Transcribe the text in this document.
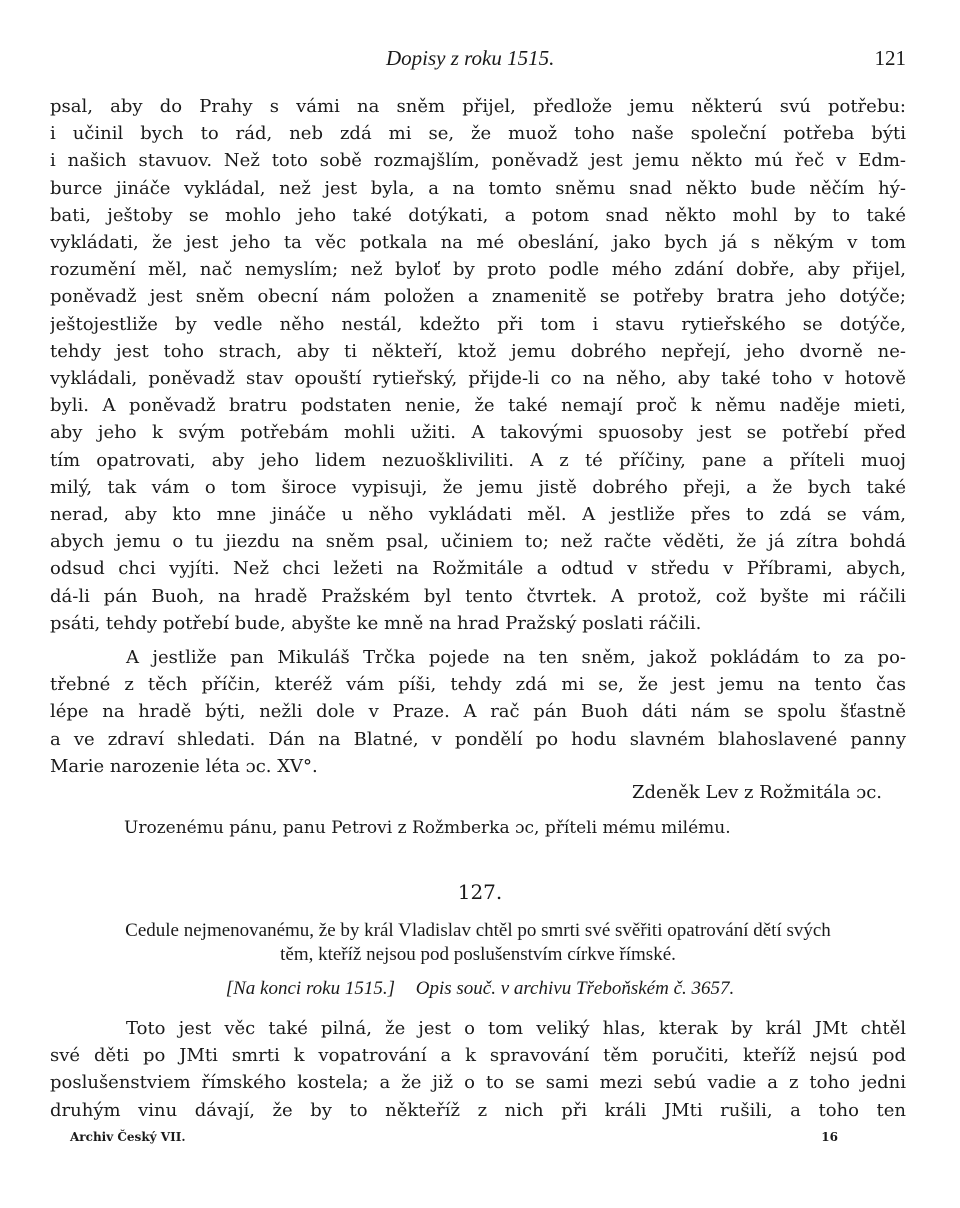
Dopisy z roku 1515.	121
psal, aby do Prahy s vámi na sněm přijel, předlože jemu některú svú potřebu:
i učinil bych to rád, neb zdá mi se, že muož toho naše společní potřeba býti
i našich stavuov. Než toto sobě rozmajšlím, poněvadž jest jemu někto mú řeč v Edm-
burce jináče vykládal, než jest byla, a na tomto sněmu snad někto bude něčím hý-
bati, ještoby se mohlo jeho také dotýkati, a potom snad někto mohl by to také
vykládati, že jest jeho ta věc potkala na mé obeslání, jako bych já s někým v tom
rozumění měl, nač nemyslím; než byloť by proto podle mého zdání dobře, aby přijel,
poněvadž jest sněm obecní nám položen a znamenitě se potřeby bratra jeho dotýče;
ještojestliže by vedle něho nestál, kdežto při tom i stavu rytieřského se dotýče,
tehdy jest toho strach, aby ti někteří, ktož jemu dobrého nepřejí, jeho dvorně ne-
vykládali, poněvadž stav opouští rytieřský, přijde-li co na něho, aby také toho v hotově
byli. A poněvadž bratru podstaten nenie, že také nemají proč k němu naděje mieti,
aby jeho k svým potřebám mohli užiti. A takovými spuosoby jest se potřebí před
tím opatrovati, aby jeho lidem nezuoškliviliti. A z té příčiny, pane a příteli muoj
milý, tak vám o tom široce vypisuji, že jemu jistě dobrého přeji, a že bych také
nerad, aby kto mne jináče u něho vykládati měl. A jestliže přes to zdá se vám,
abych jemu o tu jiezdu na sněm psal, učiniem to; než račte věděti, že já zítra bohdá
odsud chci vyjíti. Než chci ležeti na Rožmitále a odtud v středu v Příbrami, abych,
dá-li pán Buoh, na hradě Pražském byl tento čtvrtek. A protož, což byšte mi ráčili
psáti, tehdy potřebí bude, abyšte ke mně na hrad Pražský poslati ráčili.
A jestliže pan Mikuláš Trčka pojede na ten sněm, jakož pokládám to za po-
třebné z těch příčin, kteréž vám píši, tehdy zdá mi se, že jest jemu na tento čas
lépe na hradě býti, nežli dole v Praze. A rač pán Buoh dáti nám se spolu šťastně
a ve zdraví shledati. Dán na Blatné, v pondělí po hodu slavném blahoslavené panny
Marie narozenie léta ɔc. XV°.
Zdeněk Lev z Rožmitála ɔc.
Urozenému pánu, panu Petrovi z Rožmberka ɔc, příteli mému milému.
127.
Cedule nejmenovanému, že by král Vladislav chtěl po smrti své svěřiti opatrování dětí svých
těm, kteříž nejsou pod poslušenstvím církve římské.
[Na konci roku 1515.] Opis souč. v archivu Třeboňském č. 3657.
Toto jest věc také pilná, že jest o tom veliký hlas, kterak by král JMt chtěl
své děti po JMti smrti k vopatrování a k spravování těm poručiti, kteříž nejsú pod
poslušenstviem římského kostela; a že již o to se sami mezi sebú vadie a z toho jedni
druhým vinu dávají, že by to někteříž z nich při králi JMti rušili, a toho ten
Archiv Český VII.	16
